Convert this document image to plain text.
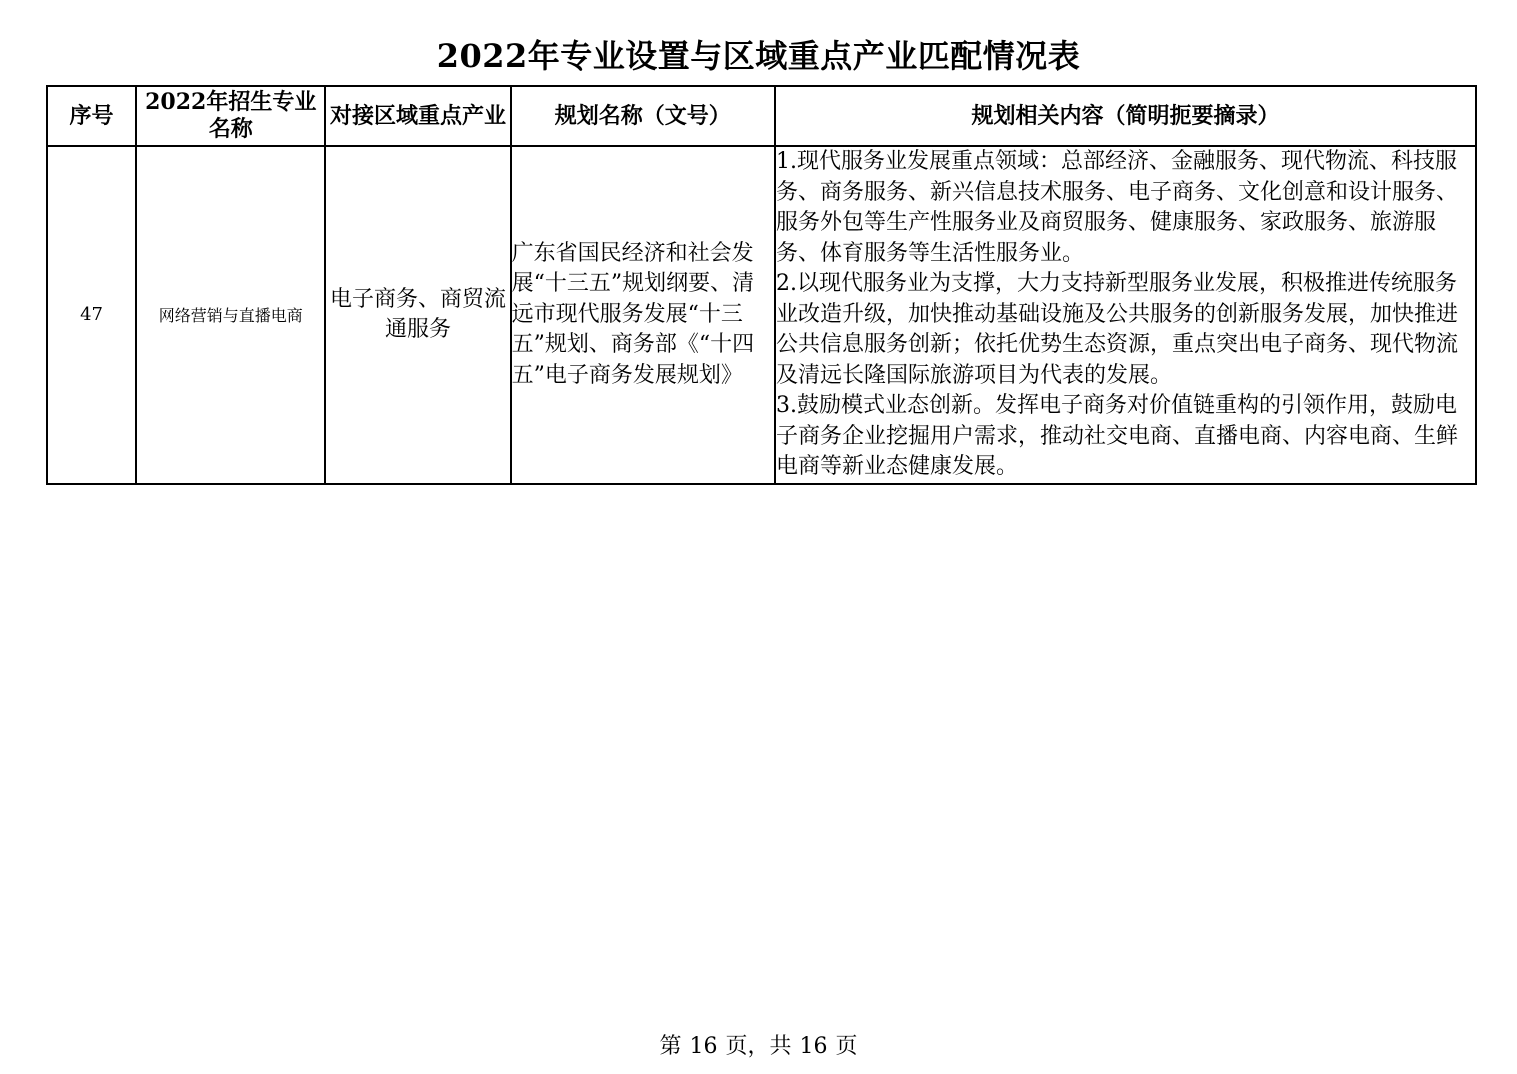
2022年专业设置与区域重点产业匹配情况表
序号	2022年招生专业名称	对接区域重点产业	规划名称（文号）	规划相关内容（简明扼要摘录）
47	网络营销与直播电商	电子商务、商贸流通服务	广东省国民经济和社会发展“十三五”规划纲要、清远市现代服务发展“十三五”规划、商务部《“十四五”电子商务发展规划》	1.现代服务业发展重点领域：总部经济、金融服务、现代物流、科技服务、商务服务、新兴信息技术服务、电子商务、文化创意和设计服务、服务外包等生产性服务业及商贸服务、健康服务、家政服务、旅游服务、体育服务等生活性服务业。
2.以现代服务业为支撑，大力支持新型服务业发展，积极推进传统服务业改造升级，加快推动基础设施及公共服务的创新服务发展，加快推进公共信息服务创新；依托优势生态资源，重点突出电子商务、现代物流及清远长隆国际旅游项目为代表的发展。
3.鼓励模式业态创新。发挥电子商务对价值链重构的引领作用，鼓励电子商务企业挖掘用户需求，推动社交电商、直播电商、内容电商、生鲜电商等新业态健康发展。
第 16 页，共 16 页
